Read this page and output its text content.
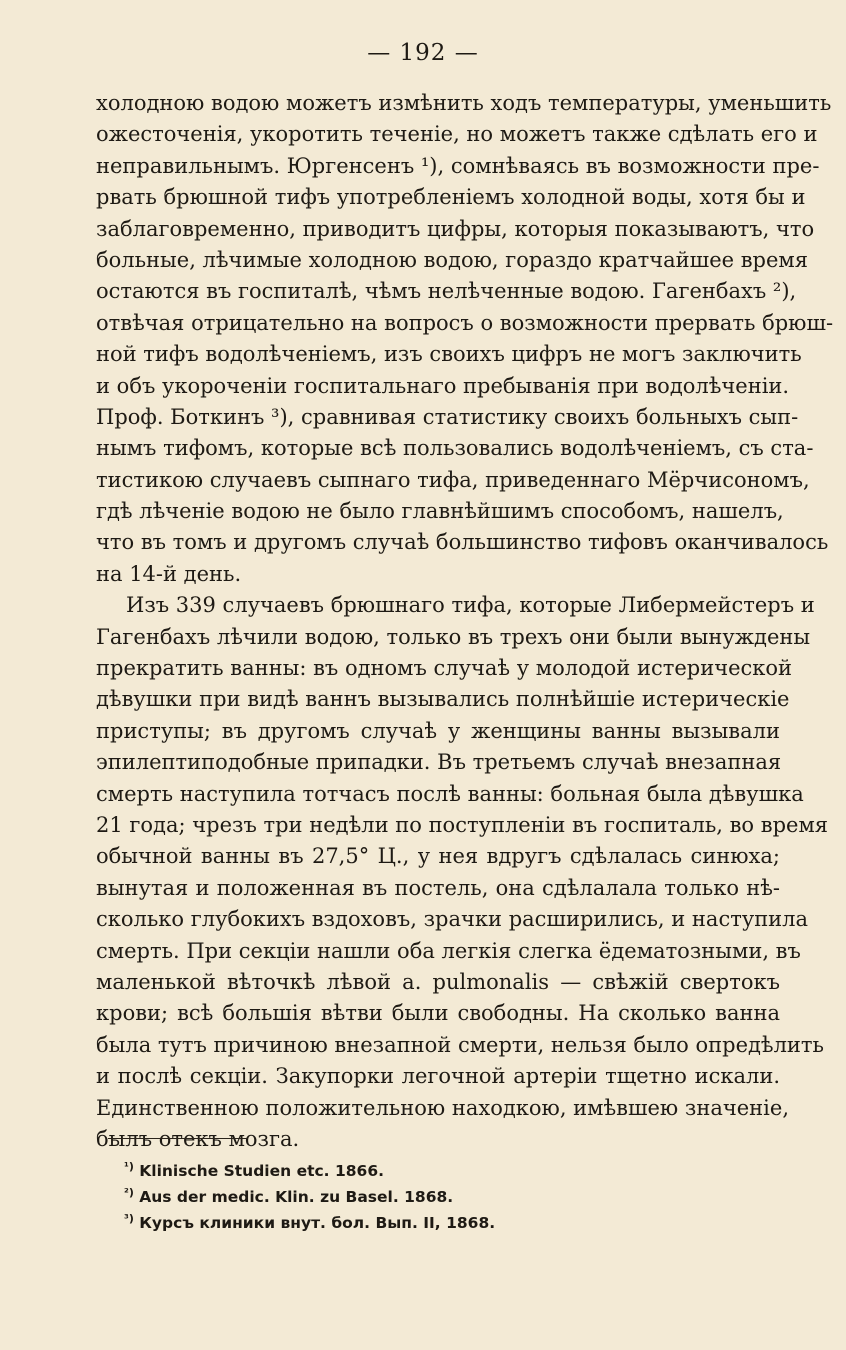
— 192 —
холодною водою можетъ измѣнить ходъ температуры, уменьшить
ожесточенія, укоротить теченіе, но можетъ также сдѣлать его и
неправильнымъ. Юргенсенъ ¹), сомнѣваясь въ возможности пре-
рвать брюшной тифъ употребленіемъ холодной воды, хотя бы и
заблаговременно, приводитъ цифры, которыя показываютъ, что
больные, лѣчимые холодною водою, гораздо кратчайшее время
остаются въ госпиталѣ, чѣмъ нелѣченные водою. Гагенбахъ ²),
отвѣчая отрицательно на вопросъ о возможности прервать брюш-
ной тифъ водолѣченіемъ, изъ своихъ цифръ не могъ заключить
и объ укороченіи госпитальнаго пребыванія при водолѣченіи.
Проф. Боткинъ ³), сравнивая статистику своихъ больныхъ сып-
нымъ тифомъ, которые всѣ пользовались водолѣченіемъ, съ ста-
тистикою случаевъ сыпнаго тифа, приведеннаго Мёрчисономъ,
гдѣ лѣченіе водою не было главнѣйшимъ способомъ, нашелъ,
что въ томъ и другомъ случаѣ большинство тифовъ оканчивалось
на 14-й день.
Изъ 339 случаевъ брюшнаго тифа, которые Либермейстеръ и
Гагенбахъ лѣчили водою, только въ трехъ они были вынуждены
прекратить ванны: въ одномъ случаѣ у молодой истерической
дѣвушки при видѣ ваннъ вызывались полнѣйшіе истерическіе
приступы; въ другомъ случаѣ у женщины ванны вызывали
эпилептиподобные припадки. Въ третьемъ случаѣ внезапная
смерть наступила тотчасъ послѣ ванны: больная была дѣвушка
21 года; чрезъ три недѣли по поступленіи въ госпиталь, во время
обычной ванны въ 27,5° Ц., у нея вдругъ сдѣлалась синюха;
вынутая и положенная въ постель, она сдѣлалала только нѣ-
сколько глубокихъ вздоховъ, зрачки расширились, и наступила
смерть. При секціи нашли оба легкія слегка ёдематозными, въ
маленькой вѣточкѣ лѣвой a. pulmonalis — свѣжій свертокъ
крови; всѣ большія вѣтви были свободны. На сколько ванна
была тутъ причиною внезапной смерти, нельзя было опредѣлить
и послѣ секціи. Закупорки легочной артеріи тщетно искали.
Единственною положительною находкою, имѣвшею значеніе,
былъ отекъ мозга.
$^{^1)}$ Klinische Studien etc. 1866.
$^{^2)}$ Aus der medic. Klin. zu Basel. 1868.
$^{^3)}$ Курсъ клиники внут. бол. Вып. II, 1868.
